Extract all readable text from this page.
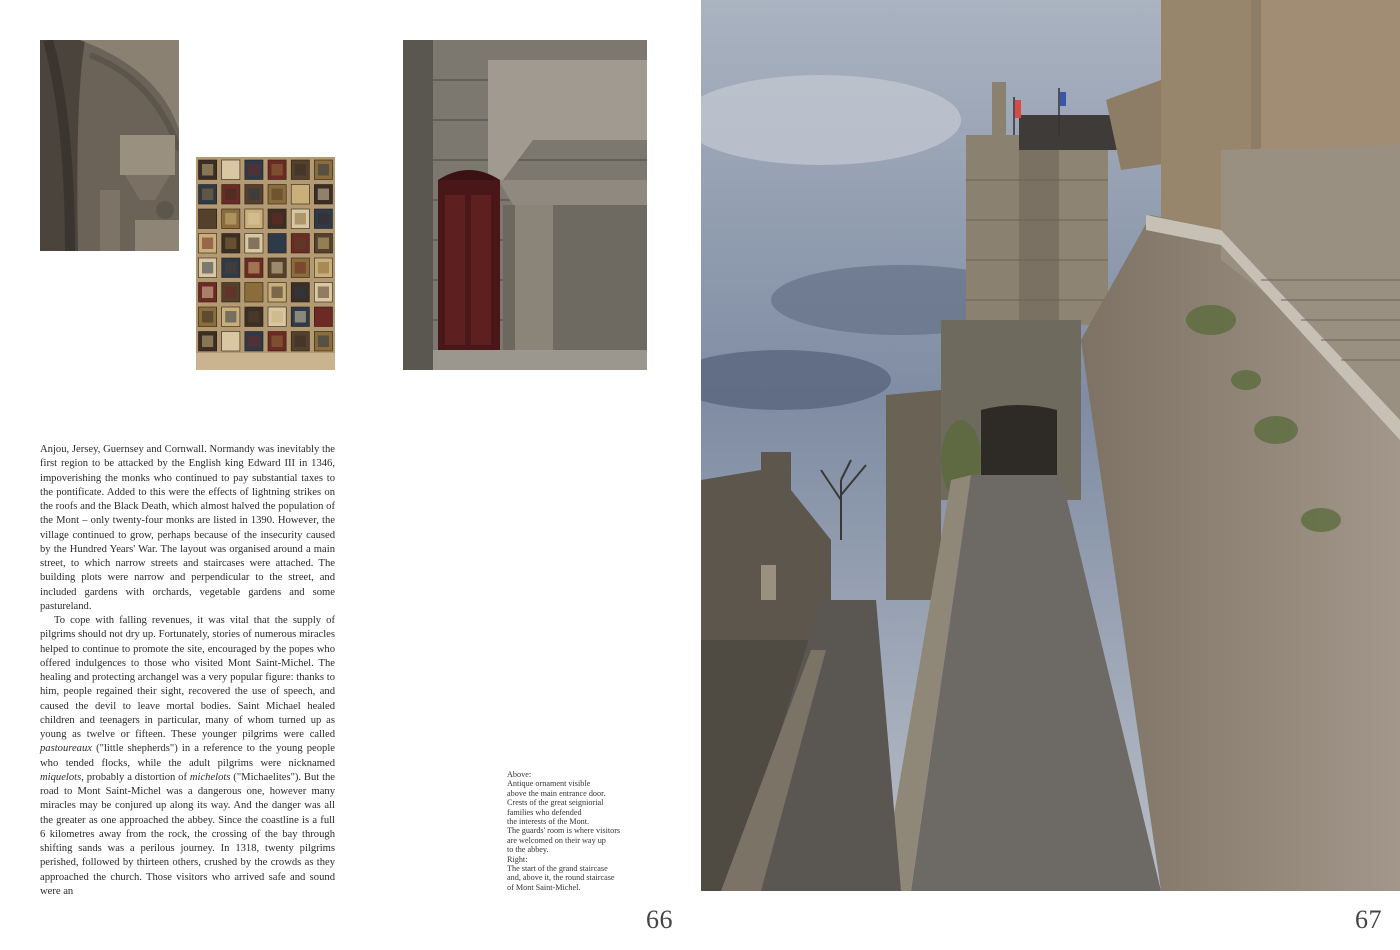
Anjou, Jersey, Guernsey and Cornwall. Normandy was inevitably the first region to be attacked by the English king Edward III in 1346, impoverishing the monks who continued to pay substantial taxes to the pontificate. Added to this were the effects of lightning strikes on the roofs and the Black Death, which almost halved the population of the Mont – only twenty-four monks are listed in 1390. However, the village continued to grow, perhaps because of the insecurity caused by the Hundred Years' War. The layout was organised around a main street, to which narrow streets and staircases were attached. The building plots were narrow and perpendicular to the street, and included gardens with orchards, vegetable gardens and some pastureland.

To cope with falling revenues, it was vital that the supply of pilgrims should not dry up. Fortunately, stories of numerous miracles helped to continue to promote the site, encouraged by the popes who offered indulgences to those who visited Mont Saint-Michel. The healing and protecting archangel was a very popular figure: thanks to him, people regained their sight, recovered the use of speech, and caused the devil to leave mortal bodies. Saint Michael healed children and teenagers in particular, many of whom turned up as young as twelve or fifteen. These younger pilgrims were called pastoureaux ("little shepherds") in a reference to the young people who tended flocks, while the adult pilgrims were nicknamed miquelots, probably a distortion of michelots ("Michaelites"). But the road to Mont Saint-Michel was a dangerous one, however many miracles may be conjured up along its way. And the danger was all the greater as one approached the abbey. Since the coastline is a full 6 kilometres away from the rock, the crossing of the bay through shifting sands was a perilous journey. In 1318, twenty pilgrims perished, followed by thirteen others, crushed by the crowds as they approached the church. Those visitors who arrived safe and sound were an

Above:
Antique ornament visible
above the main entrance door.
Crests of the great seigniorial
families who defended
the interests of the Mont.
The guards' room is where visitors
are welcomed on their way up
to the abbey.
Right:
The start of the grand staircase
and, above it, the round staircase
of Mont Saint-Michel.
66	67
